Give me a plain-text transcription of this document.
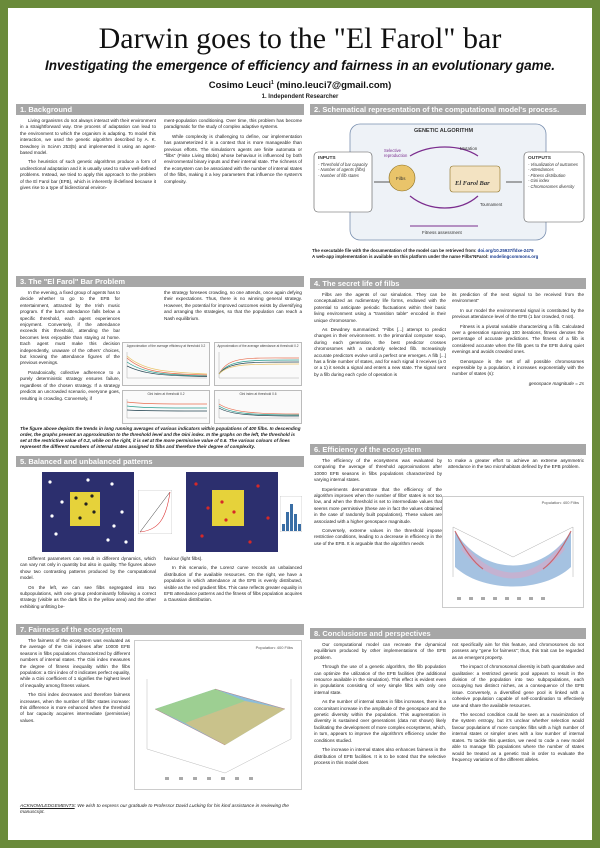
Darwin goes to the "El Farol" bar
Investigating the emergence of efficiency and fairness in an evolutionary game.
Cosimo Leuci$^1$ (mino.leuci7@gmail.com)
1. Independent Researcher
1. Background

Living organisms do not always interact with their environment in a straightforward way. One process of adaptation can lead to the environment to which the organism is adapting. To model this interaction, we used the genetic algorithm described by A. K. Dewdney in SciAm 253(5) and implemented it using an agent-based model.

The heuristics of such genetic algorithms produce a form of undirectional adaptation and it is usually used to solve well-defined problems. Instead, we tried to apply this approach to the problem of the El Farol bar (EFB), which is inherently ill-defined because it gives rise to a type of bidirectional environ-

ment-population conditioning. Over time, this problem has become paradigmatic for the study of complex adaptive systems.

While complexity is challenging to define, our implementation has parameterized it in a context that is more manageable than previous efforts. The simulation's agents are finite automata or "filbs" (Finite Living Blobs) whose behaviour is influenced by both environmental binary inputs and their internal state. The richness of the ecosystem can be associated with the number of internal states of the filbs, making it a key parameters that influence the system's complexity.

2. Schematical representation of the computational model's process.
GENETIC ALGORITHM
INPUTS
- Threshold of bar capacity
- Number of agents (filbs)
- Number of filb states
Selective reproduction
Mutation
Filbs
El Farol Bar
Tournament
Fitness assessment
OUTPUTS
- Visualization of outcomes
- Attendances
- Fitness distribution
- Gini index
- Chromosomes diversity
The executable file with the documentation of the model can be retrieved from: doi.org/10.25937/fdxe-2479
A web-app implementation is available on this platform under the name Filbs'NFarol: modelingcommons.org
3. The "El Farol" Bar Problem

In the evening, a fixed group of agents has to decide whether to go to the EFB for entertainment, attracted by the Irish music program. If the bar's attendance falls below a specific threshold, each agent experiences enjoyment. Conversely, if the attendance exceeds this threshold, attending the bar becomes less enjoyable than staying at home. Each agent must make this decision independently, unaware of the others' choices, but knowing the attendance figures of the previous evenings.

Paradoxically, collective adherence to a purely deterministic strategy ensures failure, regardless of the chosen strategy. If a strategy predicts an uncrowded scenario, everyone goes, resulting in crowding. Conversely, if

the strategy foresees crowding, no one attends, once again defying their expectations. Thus, there is no winning general strategy. However, the potential for improved outcomes exists by diversifying and arranging the strategies, so that the population can reach a Nash equilibrium.

Approximation of the average efficiency at threshold 0.2	Approximation of the average attendance at threshold 0.2
Gini index at threshold 0.2	Gini index at threshold 0.6
The figure above depicts the trends in long running averages of various indicators within populations of 400 filbs. In descending order, the graphs present an approximation to the threshold level and the Gini index. In the graphs on the left, the threshold is set at the restrictive value of 0.2, while on the right, it is set at the more permissive value of 0.6. The various colours of lines represent the different numbers of internal states assigned to filbs and therefore their degree of complexity.
4. The secret life of filbs

Filbs are the agents of our simulation. They can be conceptualized as rudimentary life forms, endowed with the potential to anticipate periodic fluctuations within their basic living environment using a "transition table" encoded in their unique chromosome.

As Dewdney summarized: "Filbs [...] attempt to predict changes in their environment. In the primordial computer soup, during each generation, the best predictor crosses chromosomes with a randomly selected filb. Increasingly accurate predictors evolve until a perfect one emerges. A filb [...] has a finite number of states, and for each signal it receives (a 0 or a 1) it sends a signal and enters a new state. The signal sent by a filb during each cycle of operation is

its prediction of the next signal to be received from the environment"

In our model the environmental signal is constituted by the previous attendance level of the EFB (1 bar crowded, 0 not).

Fitness is a pivotal variable characterizing a filb. Calculated over a generation spanning 100 iterations, fitness denotes the percentage of accurate predictions. The fitness of a filb is considered accurate when the filb goes to the EFB during quiet evenings and avoids crowded ones.

Genospace is the set of all possible chromosomes expressible by a population, it increases exponentially with the number of states (s):

genospace magnitude = 2s

5. Balanced and unbalanced patterns

Different parameters can result in different dynamics, which can vary not only in quantity but also in quality. The figures above show two contrasting patterns produced by the computational model.

On the left, we can see filbs segregated into two subpopulations, with one group predominantly following a correct strategy (visible as the dark filbs in the yellow area) and the other exhibiting unfitting be-

haviour (light filbs).

In this scenario, the Lorenz curve records an unbalanced distribution of the available resources. On the right, we have a population in which attendance at the EFB is evenly distributed, visible as the red gradient filbs. This case reflects greater equality in EFB attendance patterns and the fitness of filbs population acquires a Gaussian distribution.

6. Efficiency of the ecosystem

The efficiency of the ecosystems was evaluated by comparing the average of threshold approximations after 10000 EFB seasons in filbs populations characterized by varying internal states.

Experiments demonstrate that the efficiency of the algorithm improves when the number of filbs' states is not too low, and when the threshold is set to intermediate values that seems more permissive (these are in fact the values obtained in the case of randomly built populations). These values are associated with a higher genospace magnitude.

Conversely, extreme values in the threshold impose restrictive conditions, leading to a decrease in efficiency in the use of the EFB. It is arguable that the algorithm needs

to make a greater effort to achieve an extreme asymmetric attendance in the two microhabitats defined by the EFB problem.

Population: 400 Filbs
7. Fairness of the ecosystem

The fairness of the ecosystem was evaluated as the average of the Gini indexes after 10000 EFB seasons in filbs populations characterized by different numbers of internal states. The Gini index measures the degree of fitness inequality within the filbs population: a Gini index of 0 indicates perfect equality, while a Gini coefficient of 1 signifies the highest level of inequality among fitness values.

The Gini index decreases and therefore fairness increases, when the number of filbs' states increase: this difference is more enhanced when the threshold of bar capacity acquires intermediate (permissive) values.

Population: 400 Filbs
ACKNOWLEDGEMENTS: We wish to express our gratitude to Professor David Lucking for his kind assistance in reviewing the manuscript.
8. Conclusions and perspectives

Our computational model can recreate the dynamical equilibrium produced by other implementations of the EFB problem.

Through the use of a genetic algorithm, the filb population can optimize the utilization of the EFB facilities (the additional resource available in the simulation). This effect is evident even in populations consisting of very simple filbs with only one internal state.

As the number of internal states in filbs increases, there is a concomitant increase in the amplitude of the genospace and the genetic diversity within the population. This augmentation in diversity is sustained over generations (data not shown) likely facilitating the development of more complex ecosystems, which, in turn, appears to improve the algorithm's efficiency under the conditions studied.

The increase in internal states also enhances fairness in the distribution of EFB facilities. It is to be noted that the selective process in this model does

not specifically aim for this feature, and chromosomes do not possess any "gene for fairness"; thus, this trait can be regarded as an emergent property.

The impact of chromosomal diversity is both quantitative and qualitative: a restricted genetic pool appears to result in the division of the population into two subpopulations, each occupying two distinct niches, as a consequence of the EFB issue. Conversely, a diversified gene pool is linked with a cohesive population capable of self-coordination to effectively use and share the available resources.

The second condition could be seen as a maximization of the system entropy, but it's unclear whether selection would favour populations of more complex filbs with a high number of internal states or simpler ones with a low number of internal states. To tackle this question, we need to code a new model able to manage filb populations where the number of states would be treated as a genetic trait in order to evaluate the frequency variations of the different alleles.
